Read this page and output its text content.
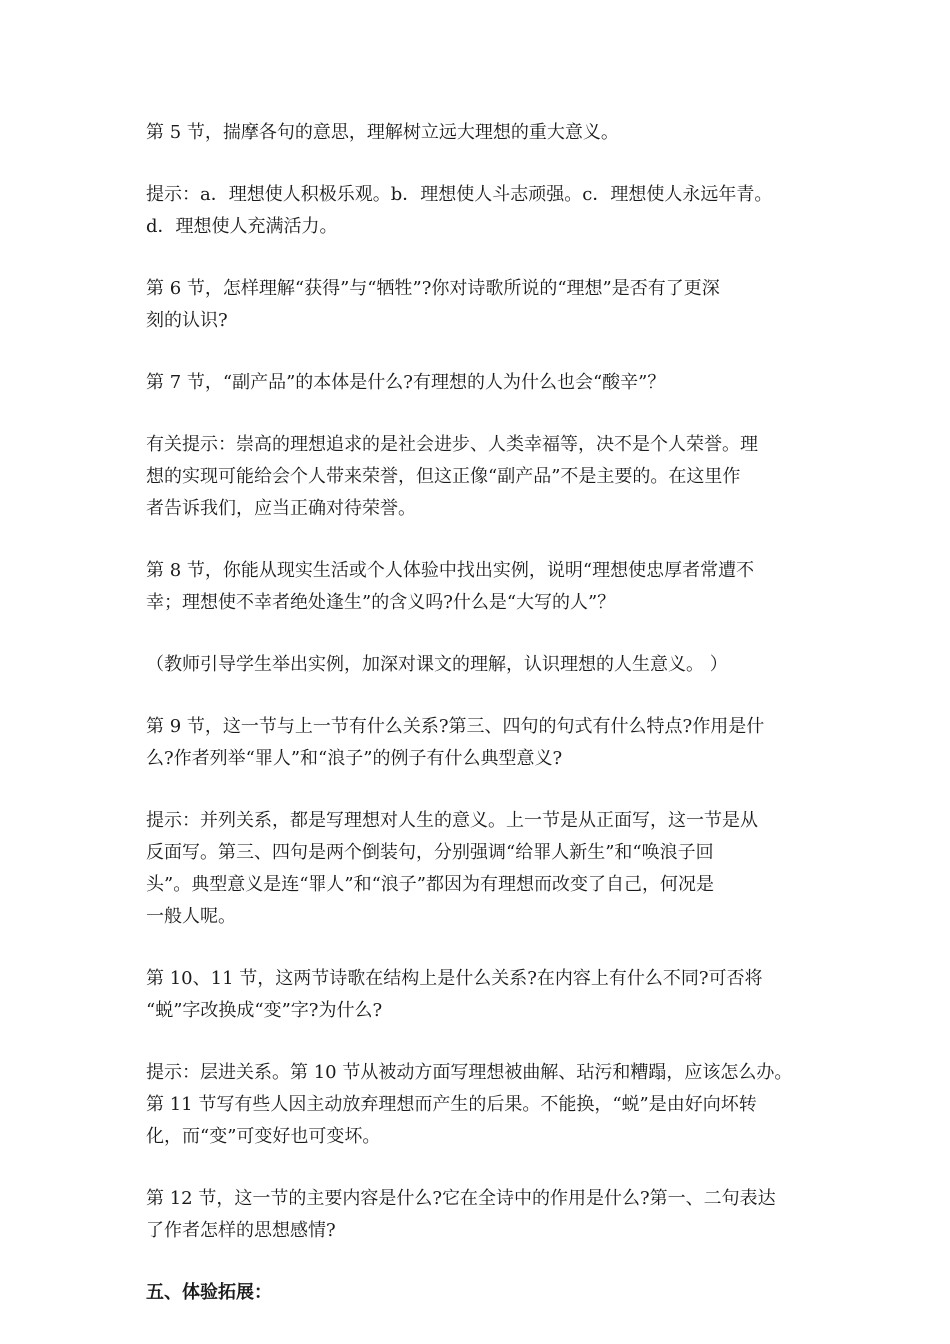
第 5 节，揣摩各句的意思，理解树立远大理想的重大意义。
提示：a．理想使人积极乐观。b．理想使人斗志顽强。c．理想使人永远年青。
d．理想使人充满活力。
第 6 节，怎样理解“获得”与“牺牲”?你对诗歌所说的“理想”是否有了更深
刻的认识?
第 7 节，“副产品”的本体是什么?有理想的人为什么也会“酸辛”？
有关提示：崇高的理想追求的是社会进步、人类幸福等，决不是个人荣誉。理
想的实现可能给会个人带来荣誉，但这正像“副产品”不是主要的。在这里作
者告诉我们，应当正确对待荣誉。
第 8 节，你能从现实生活或个人体验中找出实例，说明“理想使忠厚者常遭不
幸；理想使不幸者绝处逢生”的含义吗?什么是“大写的人”？
（教师引导学生举出实例，加深对课文的理解，认识理想的人生意义。 ）
第 9 节，这一节与上一节有什么关系?第三、四句的句式有什么特点?作用是什
么?作者列举“罪人”和“浪子”的例子有什么典型意义?
提示：并列关系，都是写理想对人生的意义。上一节是从正面写，这一节是从
反面写。第三、四句是两个倒装句，分别强调“给罪人新生”和“唤浪子回
头”。典型意义是连“罪人”和“浪子”都因为有理想而改变了自己，何况是
一般人呢。
第 10、11 节，这两节诗歌在结构上是什么关系?在内容上有什么不同?可否将
“蜕”字改换成“变”字?为什么?
提示：层进关系。第 10 节从被动方面写理想被曲解、玷污和糟蹋，应该怎么办。
第 11 节写有些人因主动放弃理想而产生的后果。不能换，“蜕”是由好向坏转
化，而“变”可变好也可变坏。
第 12 节，这一节的主要内容是什么?它在全诗中的作用是什么?第一、二句表达
了作者怎样的思想感情?
五、体验拓展：
